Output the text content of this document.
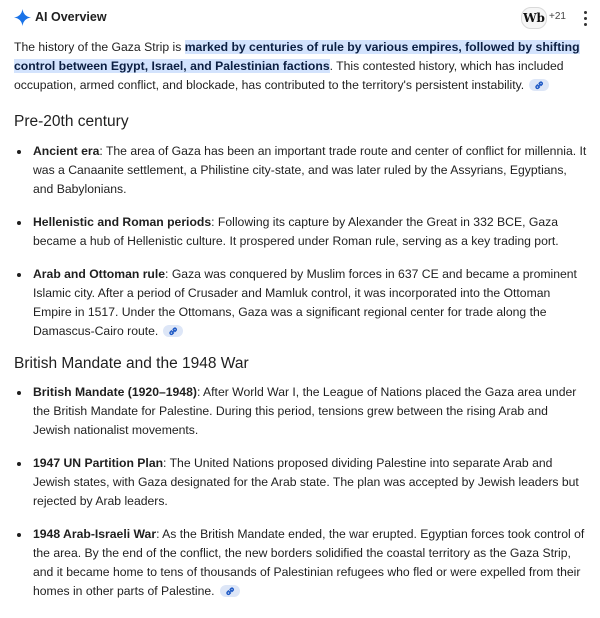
AI Overview	Wb +21

The history of the Gaza Strip is marked by centuries of rule by various empires, followed by shifting control between Egypt, Israel, and Palestinian factions. This contested history, which has included occupation, armed conflict, and blockade, has contributed to the territory's persistent instability.

Pre-20th century
• Ancient era: The area of Gaza has been an important trade route and center of conflict for millennia. It was a Canaanite settlement, a Philistine city-state, and was later ruled by the Assyrians, Egyptians, and Babylonians.
• Hellenistic and Roman periods: Following its capture by Alexander the Great in 332 BCE, Gaza became a hub of Hellenistic culture. It prospered under Roman rule, serving as a key trading port.
• Arab and Ottoman rule: Gaza was conquered by Muslim forces in 637 CE and became a prominent Islamic city. After a period of Crusader and Mamluk control, it was incorporated into the Ottoman Empire in 1517. Under the Ottomans, Gaza was a significant regional center for trade along the Damascus-Cairo route.
British Mandate and the 1948 War
• British Mandate (1920–1948): After World War I, the League of Nations placed the Gaza area under the British Mandate for Palestine. During this period, tensions grew between the rising Arab and Jewish nationalist movements.
• 1947 UN Partition Plan: The United Nations proposed dividing Palestine into separate Arab and Jewish states, with Gaza designated for the Arab state. The plan was accepted by Jewish leaders but rejected by Arab leaders.
• 1948 Arab-Israeli War: As the British Mandate ended, the war erupted. Egyptian forces took control of the area. By the end of the conflict, the new borders solidified the coastal territory as the Gaza Strip, and it became home to tens of thousands of Palestinian refugees who fled or were expelled from their homes in other parts of Palestine.
